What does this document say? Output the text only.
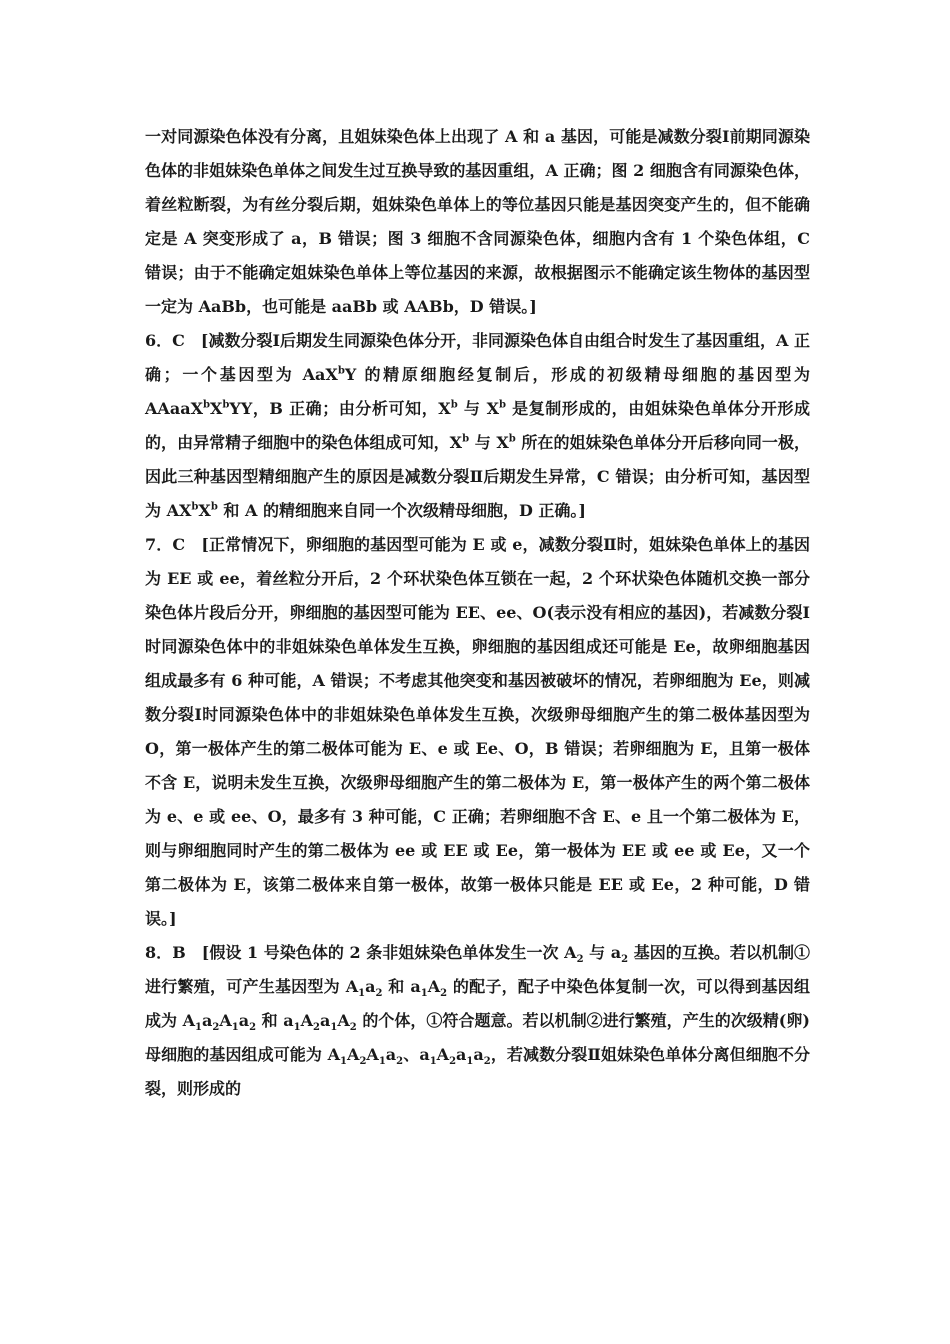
一对同源染色体没有分离，且姐妹染色体上出现了 A 和 a 基因，可能是减数分裂Ⅰ前期同源染色体的非姐妹染色单体之间发生过互换导致的基因重组，A 正确；图 2 细胞含有同源染色体，着丝粒断裂，为有丝分裂后期，姐妹染色单体上的等位基因只能是基因突变产生的，但不能确定是 A 突变形成了 a，B 错误；图 3 细胞不含同源染色体，细胞内含有 1 个染色体组，C 错误；由于不能确定姐妹染色单体上等位基因的来源，故根据图示不能确定该生物体的基因型一定为 AaBb，也可能是 aaBb 或 AABb，D 错误。]

6．C　[减数分裂Ⅰ后期发生同源染色体分开，非同源染色体自由组合时发生了基因重组，A 正确；一个基因型为 AaX$^b$Y 的精原细胞经复制后，形成的初级精母细胞的基因型为 $AAaaX^bX^bYY$，B 正确；由分析可知，$X^b$ 与 $X^b$ 是复制形成的，由姐妹染色单体分开形成的，由异常精子细胞中的染色体组成可知，$X^b$ 与 $X^b$ 所在的姐妹染色单体分开后移向同一极，因此三种基因型精细胞产生的原因是减数分裂Ⅱ后期发生异常，C 错误；由分析可知，基因型为 $AX^bX^b$ 和 A 的精细胞来自同一个次级精母细胞，D 正确。]

7．C　[正常情况下，卵细胞的基因型可能为 E 或 e，减数分裂Ⅱ时，姐妹染色单体上的基因为 EE 或 ee，着丝粒分开后，2 个环状染色体互锁在一起，2 个环状染色体随机交换一部分染色体片段后分开，卵细胞的基因型可能为 EE、ee、O(表示没有相应的基因)，若减数分裂Ⅰ时同源染色体中的非姐妹染色单体发生互换，卵细胞的基因组成还可能是 Ee，故卵细胞基因组成最多有 6 种可能，A 错误；不考虑其他突变和基因被破坏的情况，若卵细胞为 Ee，则减数分裂Ⅰ时同源染色体中的非姐妹染色单体发生互换，次级卵母细胞产生的第二极体基因型为 O，第一极体产生的第二极体可能为 E、e 或 Ee、O，B 错误；若卵细胞为 E，且第一极体不含 E，说明未发生互换，次级卵母细胞产生的第二极体为 E，第一极体产生的两个第二极体为 e、e 或 ee、O，最多有 3 种可能，C 正确；若卵细胞不含 E、e 且一个第二极体为 E，则与卵细胞同时产生的第二极体为 ee 或 EE 或 Ee，第一极体为 EE 或 ee 或 Ee，又一个第二极体为 E，该第二极体来自第一极体，故第一极体只能是 EE 或 Ee，2 种可能，D 错误。]

8．B　[假设 1 号染色体的 2 条非姐妹染色单体发生一次 $A_2$ 与 $a_2$ 基因的互换。若以机制①进行繁殖，可产生基因型为 $A_1a_2$ 和 $a_1A_2$ 的配子，配子中染色体复制一次，可以得到基因组成为 $A_1a_2A_1a_2$ 和 $a_1A_2a_1A_2$ 的个体，①符合题意。若以机制②进行繁殖，产生的次级精(卵)母细胞的基因组成可能为 $A_1A_2A_1a_2$、$a_1A_2a_1a_2$，若减数分裂Ⅱ姐妹染色单体分离但细胞不分裂，则形成的
